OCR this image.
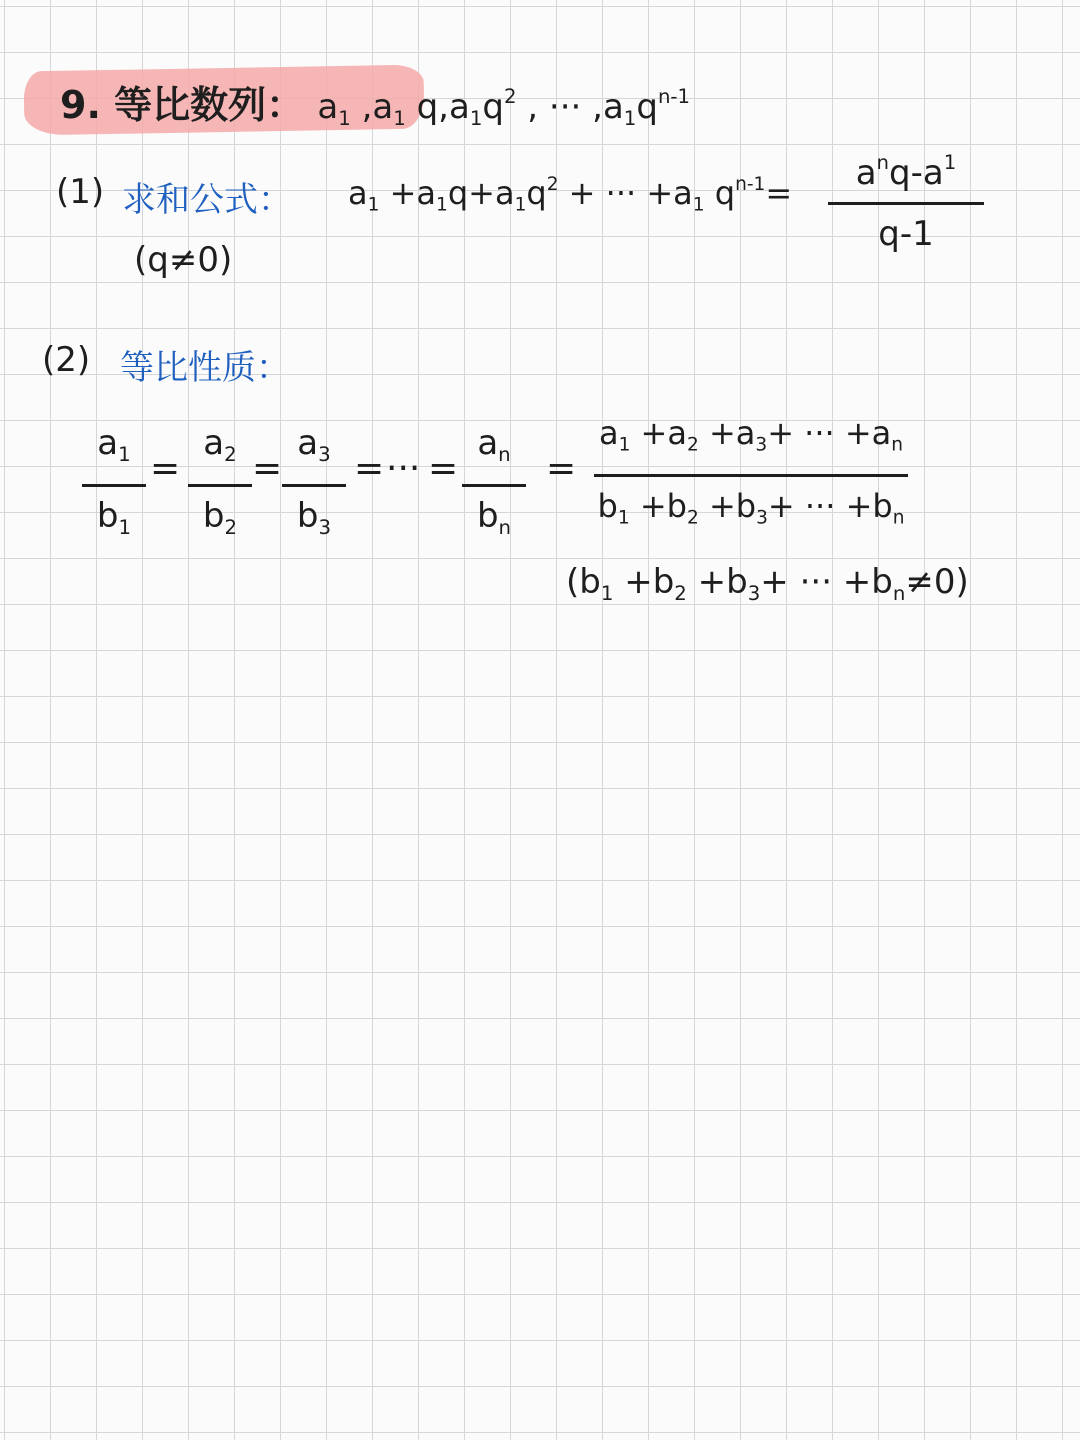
9. 等比数列： $a_1$ $,a_1$ $q,a_1q^2$ , ··· $,a_1q^{n-1}$
(1) 求和公式： $a_1 +a_1q+a_1q^2$ + ··· $+a_1$ $q^{n-1}=$
$a^nq-a^1$
q-1
(q≠0)
(2) 等比性质：
$a_1$
$b_1$
=
$a_2$
$b_2$
=
$a_3$
$b_3$
= ··· =
$a_n$
$b_n$
=
$a_1 +a_2 +a_3+$ ··· $+a_n$
$b_1 +b_2 +b_3+$ ··· $+b_n$
($b_1 +b_2 +b_3+$ ··· $+b_n\ne 0$)
